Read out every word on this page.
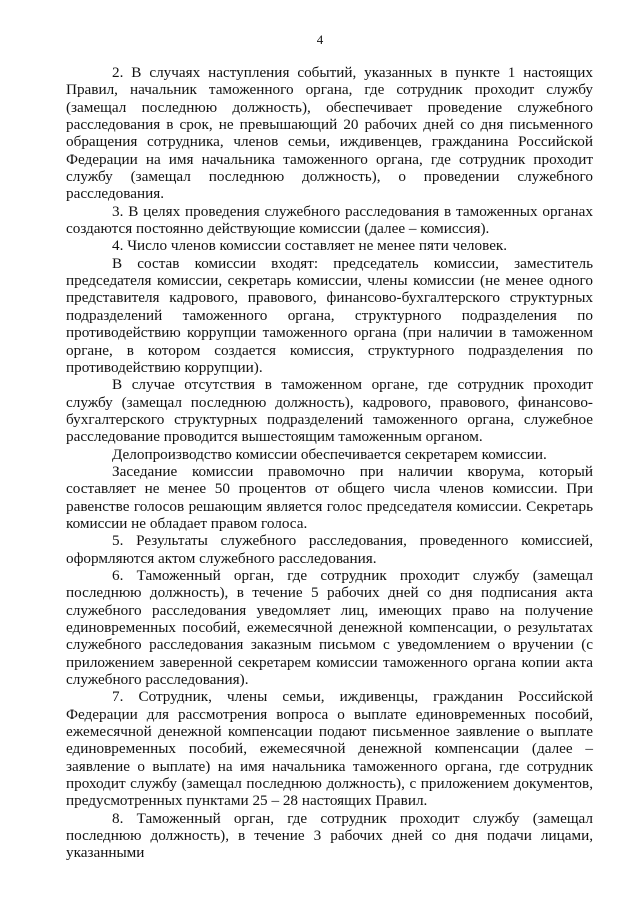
4

2. В случаях наступления событий, указанных в пункте 1 настоящих Правил, начальник таможенного органа, где сотрудник проходит службу (замещал последнюю должность), обеспечивает проведение служебного расследования в срок, не превышающий 20 рабочих дней со дня письменного обращения сотрудника, членов семьи, иждивенцев, гражданина Российской Федерации на имя начальника таможенного органа, где сотрудник проходит службу (замещал последнюю должность), о проведении служебного расследования.

3. В целях проведения служебного расследования в таможенных органах создаются постоянно действующие комиссии (далее – комиссия).

4. Число членов комиссии составляет не менее пяти человек.

В состав комиссии входят: председатель комиссии, заместитель председателя комиссии, секретарь комиссии, члены комиссии (не менее одного представителя кадрового, правового, финансово-бухгалтерского структурных подразделений таможенного органа, структурного подразделения по противодействию коррупции таможенного органа (при наличии в таможенном органе, в котором создается комиссия, структурного подразделения по противодействию коррупции).

В случае отсутствия в таможенном органе, где сотрудник проходит службу (замещал последнюю должность), кадрового, правового, финансово-бухгалтерского структурных подразделений таможенного органа, служебное расследование проводится вышестоящим таможенным органом.

Делопроизводство комиссии обеспечивается секретарем комиссии.

Заседание комиссии правомочно при наличии кворума, который составляет не менее 50 процентов от общего числа членов комиссии. При равенстве голосов решающим является голос председателя комиссии. Секретарь комиссии не обладает правом голоса.

5. Результаты служебного расследования, проведенного комиссией, оформляются актом служебного расследования.

6. Таможенный орган, где сотрудник проходит службу (замещал последнюю должность), в течение 5 рабочих дней со дня подписания акта служебного расследования уведомляет лиц, имеющих право на получение единовременных пособий, ежемесячной денежной компенсации, о результатах служебного расследования заказным письмом с уведомлением о вручении (с приложением заверенной секретарем комиссии таможенного органа копии акта служебного расследования).

7. Сотрудник, члены семьи, иждивенцы, гражданин Российской Федерации для рассмотрения вопроса о выплате единовременных пособий, ежемесячной денежной компенсации подают письменное заявление о выплате единовременных пособий, ежемесячной денежной компенсации (далее – заявление о выплате) на имя начальника таможенного органа, где сотрудник проходит службу (замещал последнюю должность), с приложением документов, предусмотренных пунктами 25 – 28 настоящих Правил.

8. Таможенный орган, где сотрудник проходит службу (замещал последнюю должность), в течение 3 рабочих дней со дня подачи лицами, указанными
